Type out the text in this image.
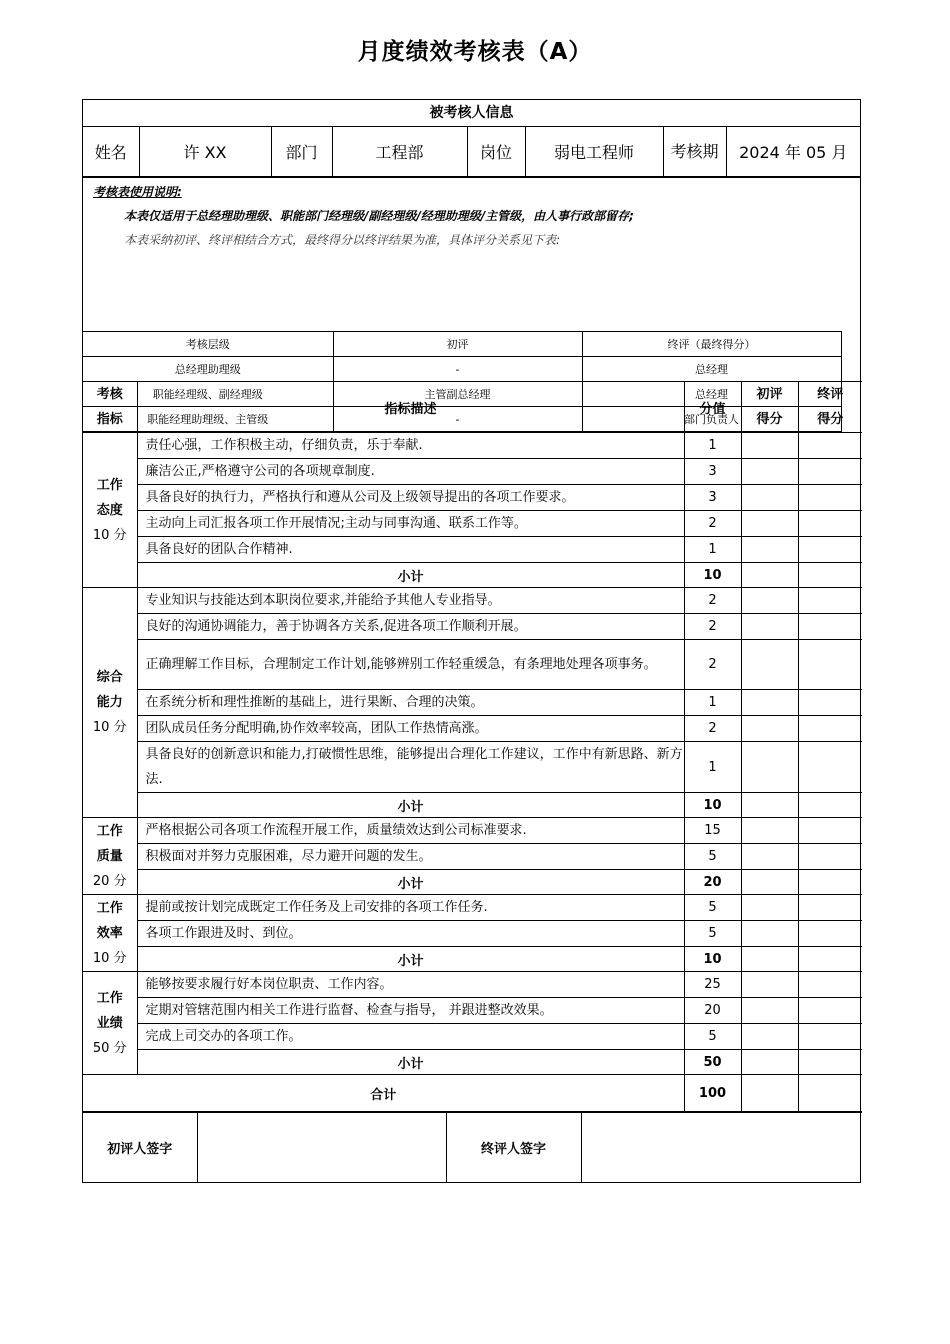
月度绩效考核表（A）
被考核人信息
姓名	许 XX	部门	工程部	岗位	弱电工程师	考核期	2024 年 05 月
考核表使用说明:
本表仅适用于总经理助理级、职能部门经理级/副经理级/经理助理级/主管级，由人事行政部留存;
本表采纳初评、终评相结合方式，最终得分以终评结果为准，具体评分关系见下表:
考核层级	初评	终评（最终得分）
总经理助理级	-	总经理
职能经理级、副经理级	主管副总经理	总经理
职能经理助理级、主管级	-	部门负责人
考核指标	指标描述	分值	初评得分	终评得分
工作
态度
10 分	责任心强，工作积极主动，仔细负责，乐于奉献.	1		
	廉洁公正,严格遵守公司的各项规章制度.	3		
	具备良好的执行力，严格执行和遵从公司及上级领导提出的各项工作要求。	3		
	主动向上司汇报各项工作开展情况;主动与同事沟通、联系工作等。	2		
	具备良好的团队合作精神.	1		
	小计	10		
综合
能力
10 分	专业知识与技能达到本职岗位要求,并能给予其他人专业指导。	2		
	良好的沟通协调能力，善于协调各方关系,促进各项工作顺利开展。	2		
	正确理解工作目标，合理制定工作计划,能够辨别工作轻重缓急，有条理地处理各项事务。	2		
	在系统分析和理性推断的基础上，进行果断、合理的决策。	1		
	团队成员任务分配明确,协作效率较高，团队工作热情高涨。	2		
	具备良好的创新意识和能力,打破惯性思维，能够提出合理化工作建议，工作中有新思路、新方法.	1		
	小计	10		
工作
质量
20 分	严格根据公司各项工作流程开展工作，质量绩效达到公司标准要求.	15		
	积极面对并努力克服困难，尽力避开问题的发生。	5		
	小计	20		
工作
效率
10 分	提前或按计划完成既定工作任务及上司安排的各项工作任务.	5		
	各项工作跟进及时、到位。	5		
	小计	10		
工作
业绩
50 分	能够按要求履行好本岗位职责、工作内容。	25		
	定期对管辖范围内相关工作进行监督、检查与指导， 并跟进整改效果。	20		
	完成上司交办的各项工作。	5		
	小计	50		
合计		100		
初评人签字		终评人签字	
